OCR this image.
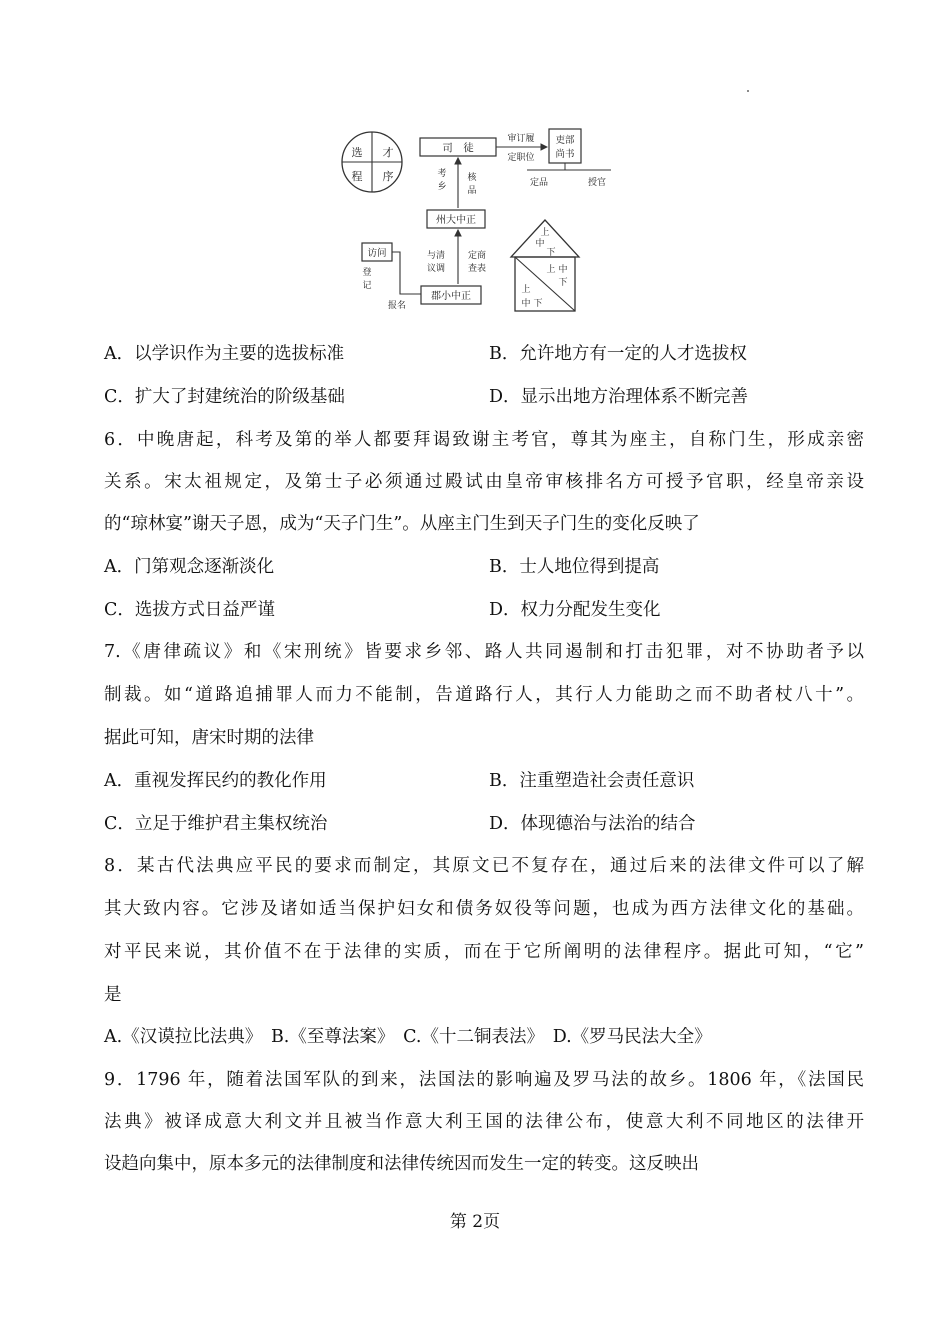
选 才
程 序
司　徒
审订履
定职位
吏部
尚书
定品	授官
考
乡
核
品
州大中正
与清
议调
定商
查表
访问
登
记
报名
郡小中正
上
中
下
上 中
下
上
中 下
A．以学识作为主要的选拔标准	B．允许地方有一定的人才选拔权
C．扩大了封建统治的阶级基础	D．显示出地方治理体系不断完善
6．中晚唐起，科考及第的举人都要拜谒致谢主考官，尊其为座主，自称门生，形成亲密
关系。宋太祖规定，及第士子必须通过殿试由皇帝审核排名方可授予官职，经皇帝亲设
的“琼林宴”谢天子恩，成为“天子门生”。从座主门生到天子门生的变化反映了
A．门第观念逐渐淡化	B．士人地位得到提高
C．选拔方式日益严谨	D．权力分配发生变化
7.《唐律疏议》和《宋刑统》皆要求乡邻、路人共同遏制和打击犯罪，对不协助者予以
制裁。如“道路追捕罪人而力不能制，告道路行人，其行人力能助之而不助者杖八十”。
据此可知，唐宋时期的法律
A．重视发挥民约的教化作用	B．注重塑造社会责任意识
C．立足于维护君主集权统治	D．体现德治与法治的结合
8．某古代法典应平民的要求而制定，其原文已不复存在，通过后来的法律文件可以了解
其大致内容。它涉及诸如适当保护妇女和债务奴役等问题，也成为西方法律文化的基础。
对平民来说，其价值不在于法律的实质，而在于它所阐明的法律程序。据此可知，“它”
是
A.《汉谟拉比法典》　B.《至尊法案》　C.《十二铜表法》　D.《罗马民法大全》
9．1796 年，随着法国军队的到来，法国法的影响遍及罗马法的故乡。1806 年，《法国民
法典》被译成意大利文并且被当作意大利王国的法律公布，使意大利不同地区的法律开
设趋向集中，原本多元的法律制度和法律传统因而发生一定的转变。这反映出
第 2页
